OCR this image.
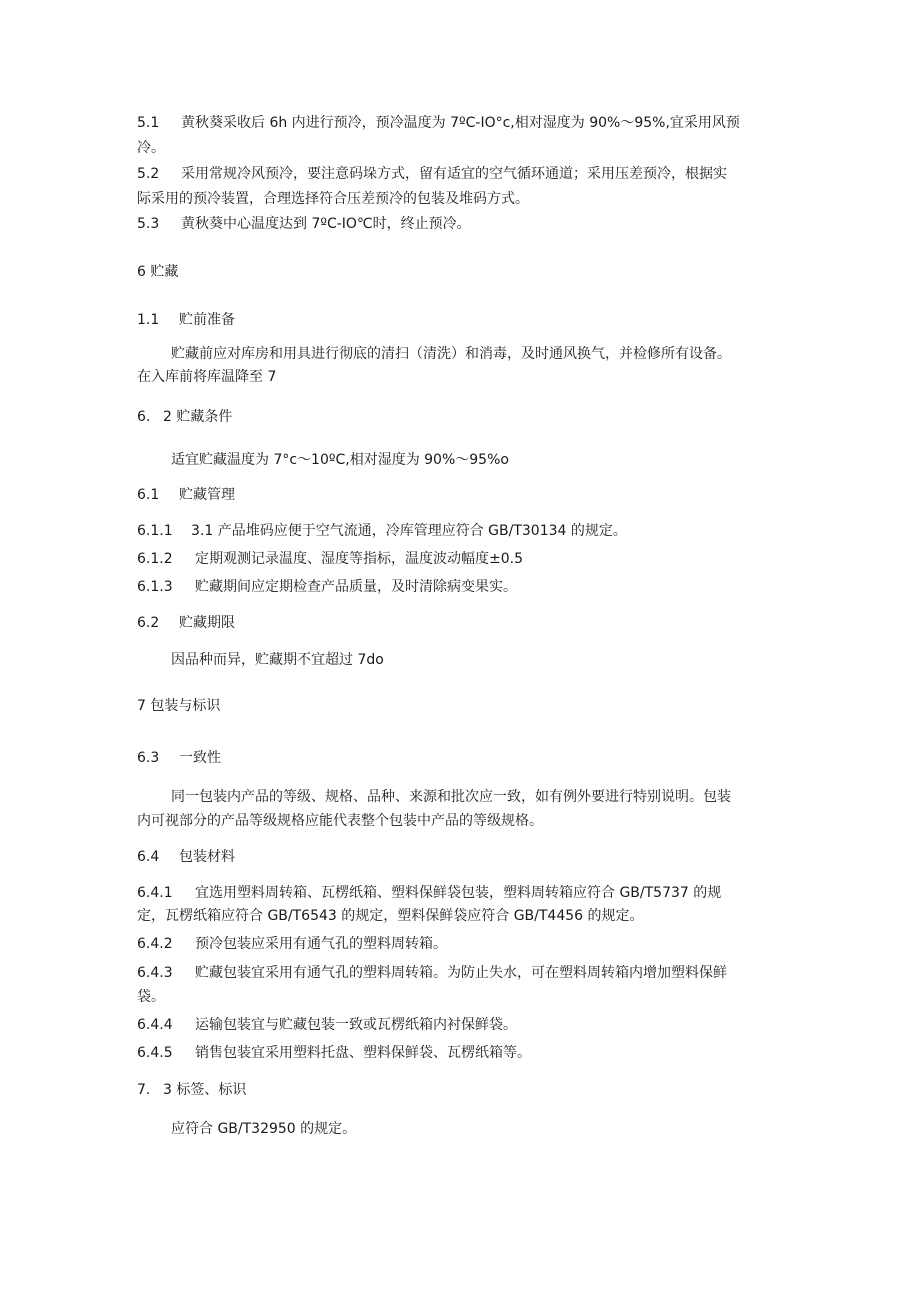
5.1 黄秋葵采收后 6h 内进行预冷，预冷温度为 7ºC-IO°c,相对湿度为 90%～95%,宜采用风预
冷。
5.2 采用常规冷风预冷，要注意码垛方式，留有适宜的空气循环通道；采用压差预冷，根据实
际采用的预冷装置，合理选择符合压差预冷的包装及堆码方式。
5.3 黄秋葵中心温度达到 7ºC-IO℃时，终止预冷。
6 贮藏
1.1 贮前准备
贮藏前应对库房和用具进行彻底的清扫（清洗）和消毒，及时通风换气，并检修所有设备。
在入库前将库温降至 7
6. 2 贮藏条件
适宜贮藏温度为 7°c～10ºC,相对湿度为 90%～95%o
6.1 贮藏管理
6.1.1 3.1 产品堆码应便于空气流通，冷库管理应符合 GB/T30134 的规定。
6.1.2 定期观测记录温度、湿度等指标，温度波动幅度±0.5
6.1.3 贮藏期间应定期检查产品质量，及时清除病变果实。
6.2 贮藏期限
因品种而异，贮藏期不宜超过 7do
7 包装与标识
6.3 一致性
同一包装内产品的等级、规格、品种、来源和批次应一致，如有例外要进行特别说明。包装
内可视部分的产品等级规格应能代表整个包装中产品的等级规格。
6.4 包装材料
6.4.1 宜选用塑料周转箱、瓦楞纸箱、塑料保鲜袋包装，塑料周转箱应符合 GB/T5737 的规
定，瓦楞纸箱应符合 GB/T6543 的规定，塑料保鲜袋应符合 GB/T4456 的规定。
6.4.2 预冷包装应采用有通气孔的塑料周转箱。
6.4.3 贮藏包装宜采用有通气孔的塑料周转箱。为防止失水，可在塑料周转箱内增加塑料保鲜
袋。
6.4.4 运输包装宜与贮藏包装一致或瓦楞纸箱内衬保鲜袋。
6.4.5 销售包装宜采用塑料托盘、塑料保鲜袋、瓦楞纸箱等。
7. 3 标签、标识
应符合 GB/T32950 的规定。
